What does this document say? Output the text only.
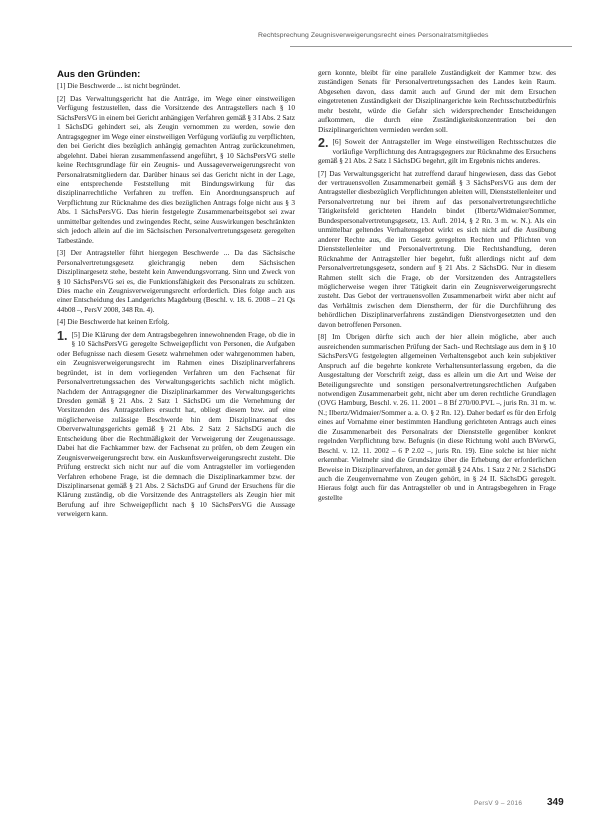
Rechtsprechung Zeugnisverweigerungsrecht eines Personalratsmitgliedes
Aus den Gründen:
[1] Die Beschwerde ... ist nicht begründet.
[2] Das Verwaltungsgericht hat die Anträge, im Wege einer einstweiligen Verfügung festzustellen, dass die Vorsitzende des Antragstellers nach § 10 SächsPersVG in einem bei Gericht anhängigen Verfahren gemäß § 3 I Abs. 2 Satz 1 SächsDG gehindert sei, als Zeugin vernommen zu werden, sowie den Antragsgegner im Wege einer einstweiligen Verfügung vorläufig zu verpflichten, den bei Gericht dies bezüglich anhängig gemachten Antrag zurückzunehmen, abgelehnt. Dabei hieran zusammenfassend angeführt, § 10 SächsPersVG stelle keine Rechtsgrundlage für ein Zeugnis- und Aussageverweigerungsrecht von Personalratsmitgliedern dar. Darüber hinaus sei das Gericht nicht in der Lage, eine entsprechende Feststellung mit Bindungswirkung für das disziplinarrechtliche Verfahren zu treffen. Ein Anordnungsanspruch auf Verpflichtung zur Rücknahme des dies bezüglichen Antrags folge nicht aus § 3 Abs. 1 SächsPersVG. Das hierin festgelegte Zusammenarbeitsgebot sei zwar unmittelbar geltendes und zwingendes Recht, seine Auswirkungen beschränkten sich jedoch allein auf die im Sächsischen Personalvertretungsgesetz geregelten Tatbestände.
[3] Der Antragsteller führt hiergegen Beschwerde ... Da das Sächsische Personalvertretungsgesetz gleichrangig neben dem Sächsischen Disziplinargesetz stehe, besteht kein Anwendungsvorrang. Sinn und Zweck von § 10 SächsPersVG sei es, die Funktionsfähigkeit des Personalrats zu schützen. Dies mache ein Zeugnisverweigerungsrecht erforderlich. Dies folge auch aus einer Entscheidung des Landgerichts Magdeburg (Beschl. v. 18. 6. 2008 – 21 Qs 44b08 –, PersV 2008, 348 Rn. 4).
[4] Die Beschwerde hat keinen Erfolg.
1. [5] Die Klärung der dem Antragsbegehren innewohnenden Frage, ob die in § 10 SächsPersVG geregelte Schweigepflicht von Personen, die Aufgaben oder Befugnisse nach diesem Gesetz wahrnehmen oder wahrgenommen haben, ein Zeugnisverweigerungsrecht im Rahmen eines Disziplinarverfahrens begründet, ist in dem vorliegenden Verfahren um den Fachsenat für Personalvertretungssachen des Verwaltungsgerichts sachlich nicht möglich. Nachdem der Antragsgegner die Disziplinarkammer des Verwaltungsgerichts Dresden gemäß § 21 Abs. 2 Satz 1 SächsDG um die Vernehmung der Vorsitzenden des Antragstellers ersucht hat, obliegt diesem bzw. auf eine möglicherweise zulässige Beschwerde hin dem Disziplinarsenat des Oberverwaltungsgerichts gemäß § 21 Abs. 2 Satz 2 SächsDG auch die Entscheidung über die Rechtmäßigkeit der Verweigerung der Zeugenaussage. Dabei hat die Fachkammer bzw. der Fachsenat zu prüfen, ob dem Zeugen ein Zeugnisverweigerungsrecht bzw. ein Auskunftsverweigerungsrecht zusteht. Die Prüfung erstreckt sich nicht nur auf die vom Antragsteller im vorliegenden Verfahren erhobene Frage, ist die demnach die Disziplinarkammer bzw. der Disziplinarsenat gemäß § 21 Abs. 2 SächsDG auf Grund der Ersuchens für die Klärung zuständig, ob die Vorsitzende des Antragstellers als Zeugin hier mit Berufung auf ihre Schweigepflicht nach § 10 SächsPersVG die Aussage verweigern kann.
gern konnte, bleibt für eine parallele Zuständigkeit der Kammer bzw. des zuständigen Senats für Personalvertretungssachen des Landes kein Raum. Abgesehen davon, dass damit auch auf Grund der mit dem Ersuchen eingetretenen Zuständigkeit der Disziplinargerichte kein Rechtsschutzbedürfnis mehr besteht, würde die Gefahr sich widersprechender Entscheidungen aufkommen, die durch eine Zuständigkeitskonzentration bei den Disziplinargerichten vermieden werden soll.
2. [6] Soweit der Antragsteller im Wege einstweiligen Rechtsschutzes die vorläufige Verpflichtung des Antragsgegners zur Rücknahme des Ersuchens gemäß § 21 Abs. 2 Satz 1 SächsDG begehrt, gilt im Ergebnis nichts anderes.
[7] Das Verwaltungsgericht hat zutreffend darauf hingewiesen, dass das Gebot der vertrauensvollen Zusammenarbeit gemäß § 3 SächsPersVG aus dem der Antragsteller diesbezüglich Verpflichtungen ableiten will, Dienststellenleiter und Personalvertretung nur bei ihrem auf das personalvertretungsrechtliche Tätigkeitsfeld gerichteten Handeln bindet (Ilbertz/Widmaier/Sommer, Bundespersonalvertretungsgesetz, 13. Aufl. 2014, § 2 Rn. 3 m. w. N.). Als ein unmittelbar geltendes Verhaltensgebot wirkt es sich nicht auf die Ausübung anderer Rechte aus, die im Gesetz geregelten Rechten und Pflichten von Dienststellenleiter und Personalvertretung. Die Rechtshandlung, deren Rücknahme der Antragsteller hier begehrt, fußt allerdings nicht auf dem Personalvertretungsgesetz, sondern auf § 21 Abs. 2 SächsDG. Nur in diesem Rahmen stellt sich die Frage, ob der Vorsitzenden des Antragstellers möglicherweise wegen ihrer Tätigkeit darin ein Zeugnisverweigerungsrecht zusteht. Das Gebot der vertrauensvollen Zusammenarbeit wirkt aber nicht auf das Verhältnis zwischen dem Dienstherrn, der für die Durchführung des behördlichen Disziplinarverfahrens zuständigen Dienstvorgesetzten und den davon betroffenen Personen.
[8] Im Übrigen dürfte sich auch der hier allein mögliche, aber auch ausreichenden summarischen Prüfung der Sach- und Rechtslage aus dem in § 10 SächsPersVG festgelegten allgemeinen Verhaltensgebot auch kein subjektiver Anspruch auf die begehrte konkrete Verhaltensunterlassung ergeben, da die Ausgestaltung der Vorschrift zeigt, dass es allein um die Art und Weise der Beteiligungsrechte und sonstigen personalvertretungsrechtlichen Aufgaben notwendigen Zusammenarbeit geht, nicht aber um deren rechtliche Grundlagen (OVG Hamburg, Beschl. v. 26. 11. 2001 – 8 Bf 270/00.PVL –, juris Rn. 31 m. w. N.; Ilbertz/Widmaier/Sommer a. a. O. § 2 Rn. 12). Daher bedarf es für den Erfolg eines auf Vornahme einer bestimmten Handlung gerichteten Antrags auch eines die Zusammenarbeit des Personalrats der Dienststelle gegenüber konkret regelnden Verpflichtung bzw. Befugnis (in diese Richtung wohl auch BVerwG, Beschl. v. 12. 11. 2002 – 6 P 2.02 –, juris Rn. 19). Eine solche ist hier nicht erkennbar. Vielmehr sind die Grundsätze über die Erhebung der erforderlichen Beweise in Disziplinarverfahren, an der gemäß § 24 Abs. 1 Satz 2 Nr. 2 SächsDG auch die Zeugenvernahme von Zeugen gehört, in § 24 II. SächsDG geregelt. Hieraus folgt auch für das Antragsteller ob und in Antragsbegehren in Frage gestellte
PersV 9 – 2016 349
